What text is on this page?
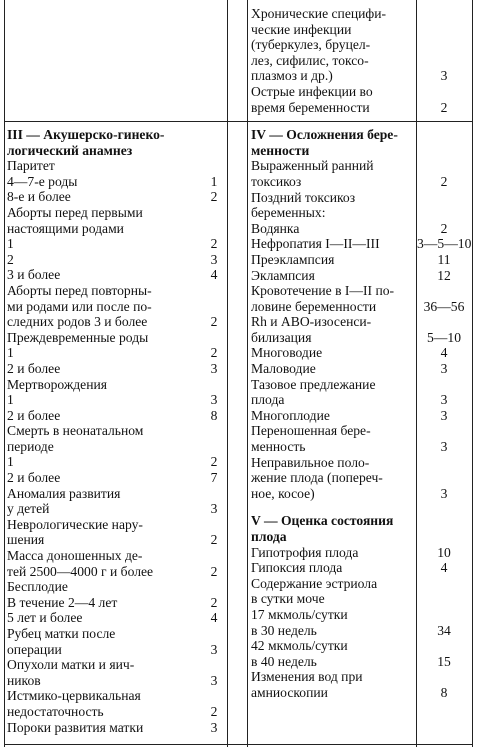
III — Акушерско-гинеко-
логический анамнез
Паритет
4—7-е роды	1
8-е и более	2
Аборты перед первыми
настоящими родами
1	2
2	3
3 и более	4
Аборты перед повторны-
ми родами или после по-
следних родов 3 и более	2
Преждевременные роды
1	2
2 и более	3
Мертворождения
1	3
2 и более	8
Смерть в неонатальном
периоде
1	2
2 и более	7
Аномалия развития
у детей	3
Неврологические нару-
шения	2
Масса доношенных де-
тей 2500—4000 г и более	2
Бесплодие
В течение 2—4 лет	2
5 лет и более	4
Рубец матки после
операции	3
Опухоли матки и яич-
ников	3
Истмико-цервикальная
недостаточность	2
Пороки развития матки	3
Хронические специфи-
ческие инфекции
(туберкулез, бруцел-
лез, сифилис, токсо-
плазмоз и др.)	3
Острые инфекции во
время беременности	2
IV — Осложнения бере-
менности
Выраженный ранний
токсикоз	2
Поздний токсикоз
беременных:
Водянка	2
Нефропатия I—II—III	3—5—10
Преэклампсия	11
Эклампсия	12
Кровотечение в I—II по-
ловине беременности	36—56
Rh и АВО-изосенси-
билизация	5—10
Многоводие	4
Маловодие	3
Тазовое предлежание
плода	3
Многоплодие	3
Переношенная бере-
менность	3
Неправильное поло-
жение плода (попереч-
ное, косое)	3
V — Оценка состояния
плода
Гипотрофия плода	10
Гипоксия плода	4
Содержание эстриола
в сутки моче
17 мкмоль/сутки
в 30 недель	34
42 мкмоль/сутки
в 40 недель	15
Изменения вод при
амниоскопии	8
